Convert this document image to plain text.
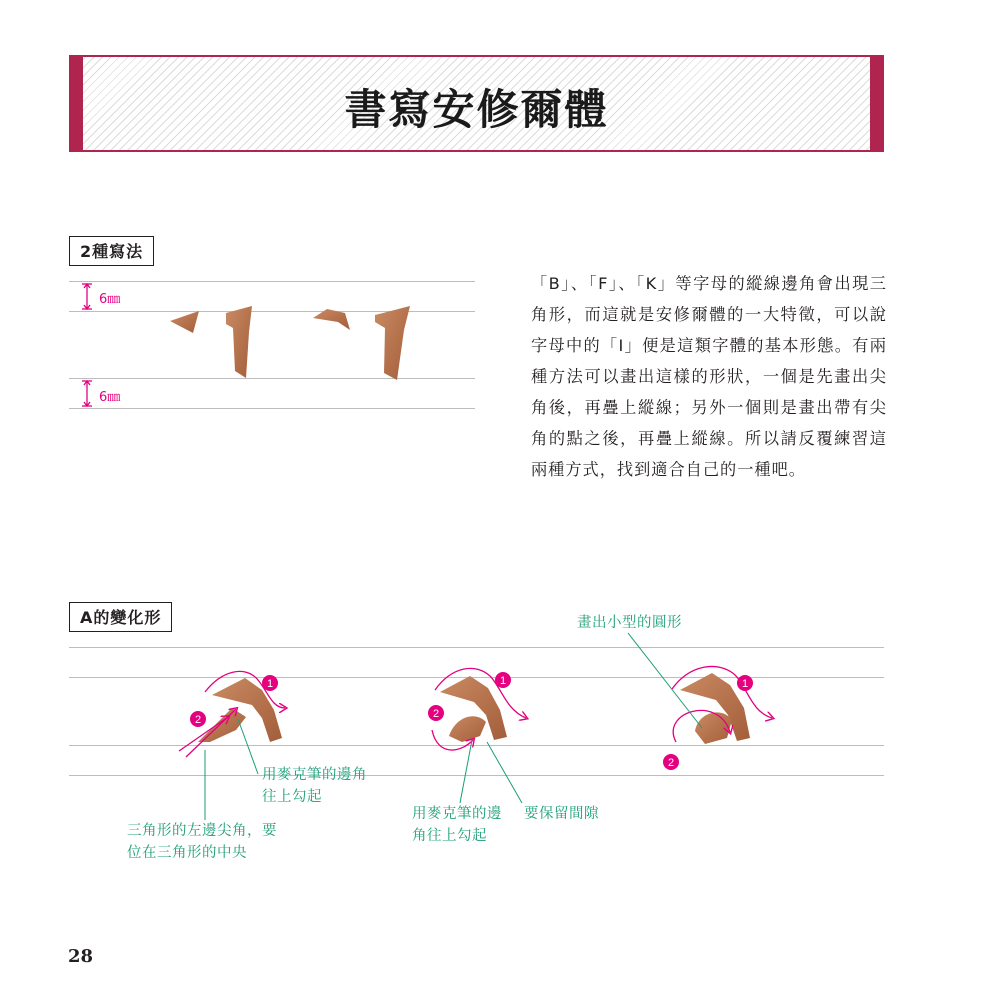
書寫安修爾體
2種寫法
6㎜
6㎜
「B」、「F」、「K」等字母的縱線邊角會出現三角形，而這就是安修爾體的一大特徵，可以說字母中的「I」便是這類字體的基本形態。有兩種方法可以畫出這樣的形狀，一個是先畫出尖角後，再疊上縱線；另外一個則是畫出帶有尖角的點之後，再疊上縱線。所以請反覆練習這兩種方式，找到適合自己的一種吧。
A的變化形
用麥克筆的邊角往上勾起
三角形的左邊尖角，要位在三角形的中央
用麥克筆的邊角往上勾起
要保留間隙
畫出小型的圓形
28
1
2
1
2
1
2
